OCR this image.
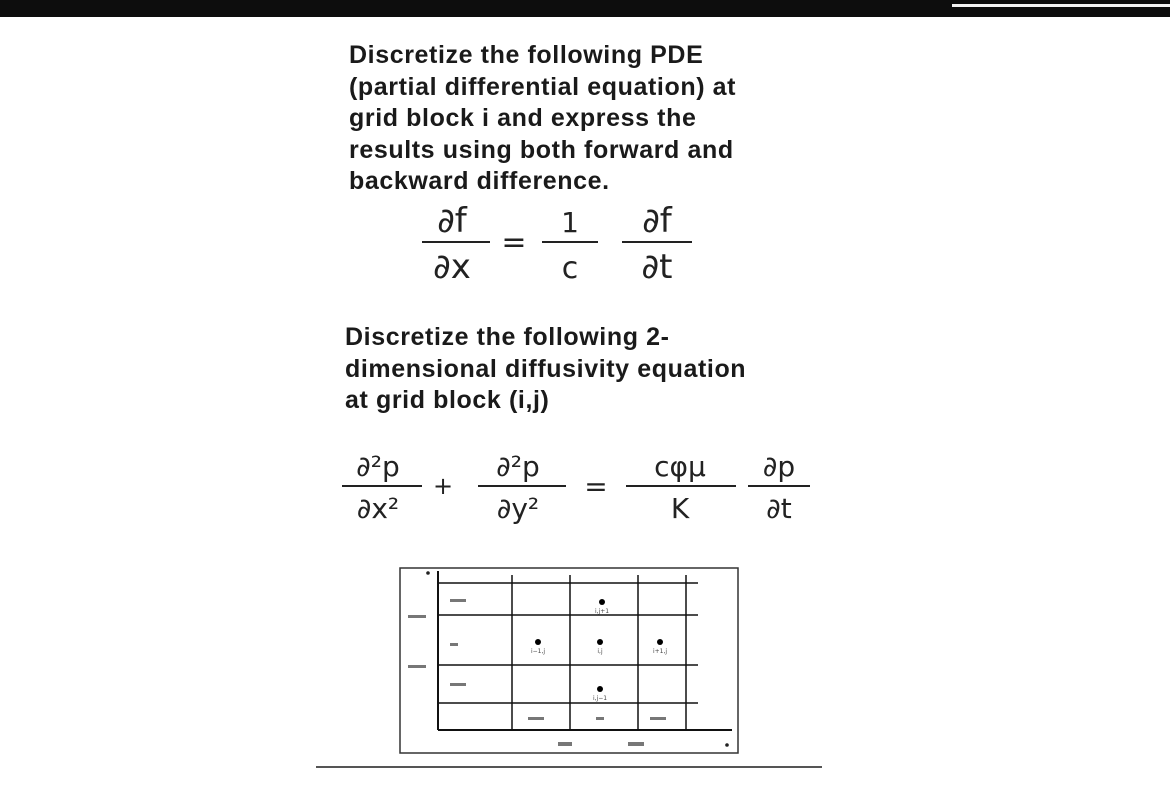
Discretize the following PDE
(partial differential equation) at
grid block i and express the
results using both forward and
backward difference.
∂f
∂x
=
1
c
∂f
∂t
Discretize the following 2-
dimensional diffusivity equation
at grid block (i,j)
∂²p
∂x²
+
∂²p
∂y²
=
cφμ
K
∂p
∂t
i,j+1
i−1,j	i,j	i+1,j
i,j−1
